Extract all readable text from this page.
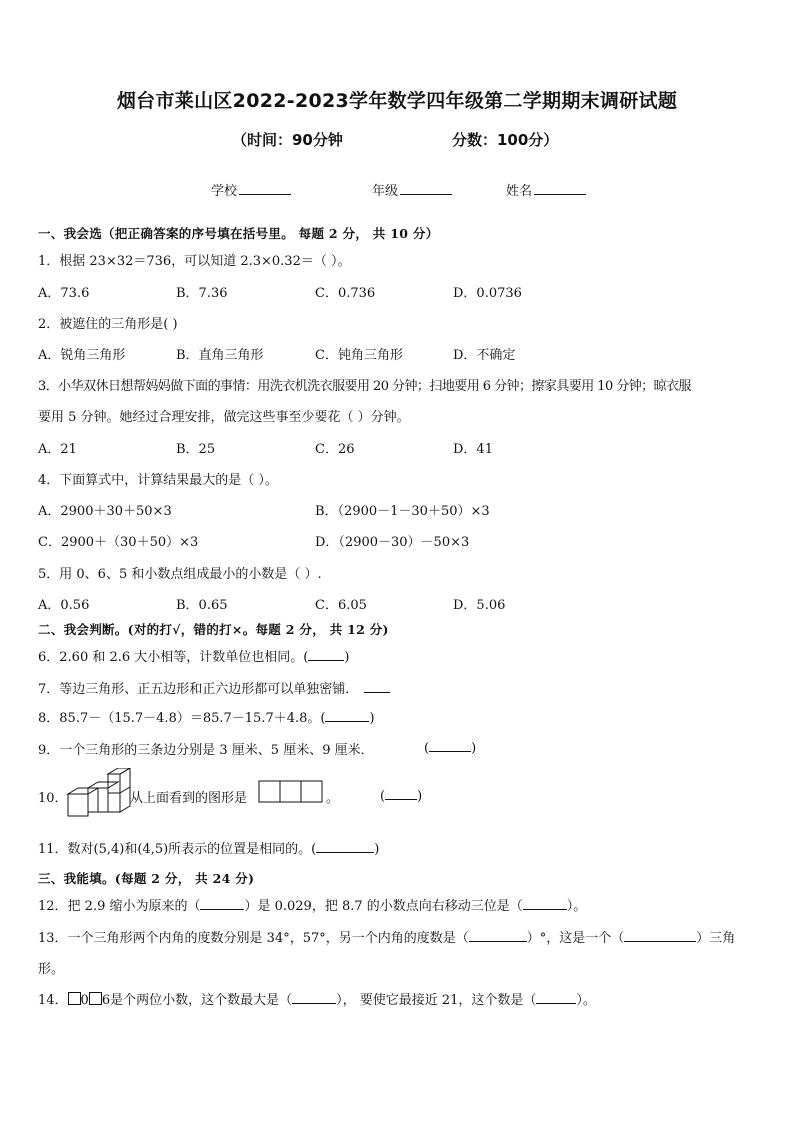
烟台市莱山区2022-2023学年数学四年级第二学期期末调研试题
（时间：90分钟	分数：100分）
学校	年级	姓名
一、我会选（把正确答案的序号填在括号里。 每题 2 分， 共 10 分）
1．根据 23×32＝736，可以知道 2.3×0.32＝（ ）。
A．73.6	B．7.36	C．0.736	D．0.0736
2．被遮住的三角形是( )
A．锐角三角形	B．直角三角形	C．钝角三角形	D．不确定
3．小华双休日想帮妈妈做下面的事情：用洗衣机洗衣服要用 20 分钟；扫地要用 6 分钟；擦家具要用 10 分钟；晾衣服
要用 5 分钟。她经过合理安排，做完这些事至少要花（ ）分钟。
A．21	B．25	C．26	D．41
4．下面算式中，计算结果最大的是（ ）。
A．2900＋30＋50×3	B．（2900－1－30＋50）×3
C．2900＋（30＋50）×3	D．（2900－30）－50×3
5．用 0、6、5 和小数点组成最小的小数是（ ）.
A．0.56	B．0.65	C．6.05	D．5.06
二、我会判断。(对的打√，错的打×。每题 2 分， 共 12 分)
6．2.60 和 2.6 大小相等，计数单位也相同。(	)
7．等边三角形、正五边形和正六边形都可以单独密铺．
8．85.7－（15.7－4.8）＝85.7－15.7＋4.8。(	)
9．一个三角形的三条边分别是 3 厘米、5 厘米、9 厘米．	(	)
10．	从上面看到的图形是	。	( )
11．数对(5,4)和(4,5)所表示的位置是相同的。(	)
三、我能填。(每题 2 分， 共 24 分)
12．把 2.9 缩小为原来的（	）是 0.029，把 8.7 的小数点向右移动三位是（	）。
13．一个三角形两个内角的度数分别是 34°，57°，另一个内角的度数是（	）°，这是一个（	）三角
形。
14． 0 6是个两位小数，这个数最大是（	）， 要使它最接近 21，这个数是（	）。
